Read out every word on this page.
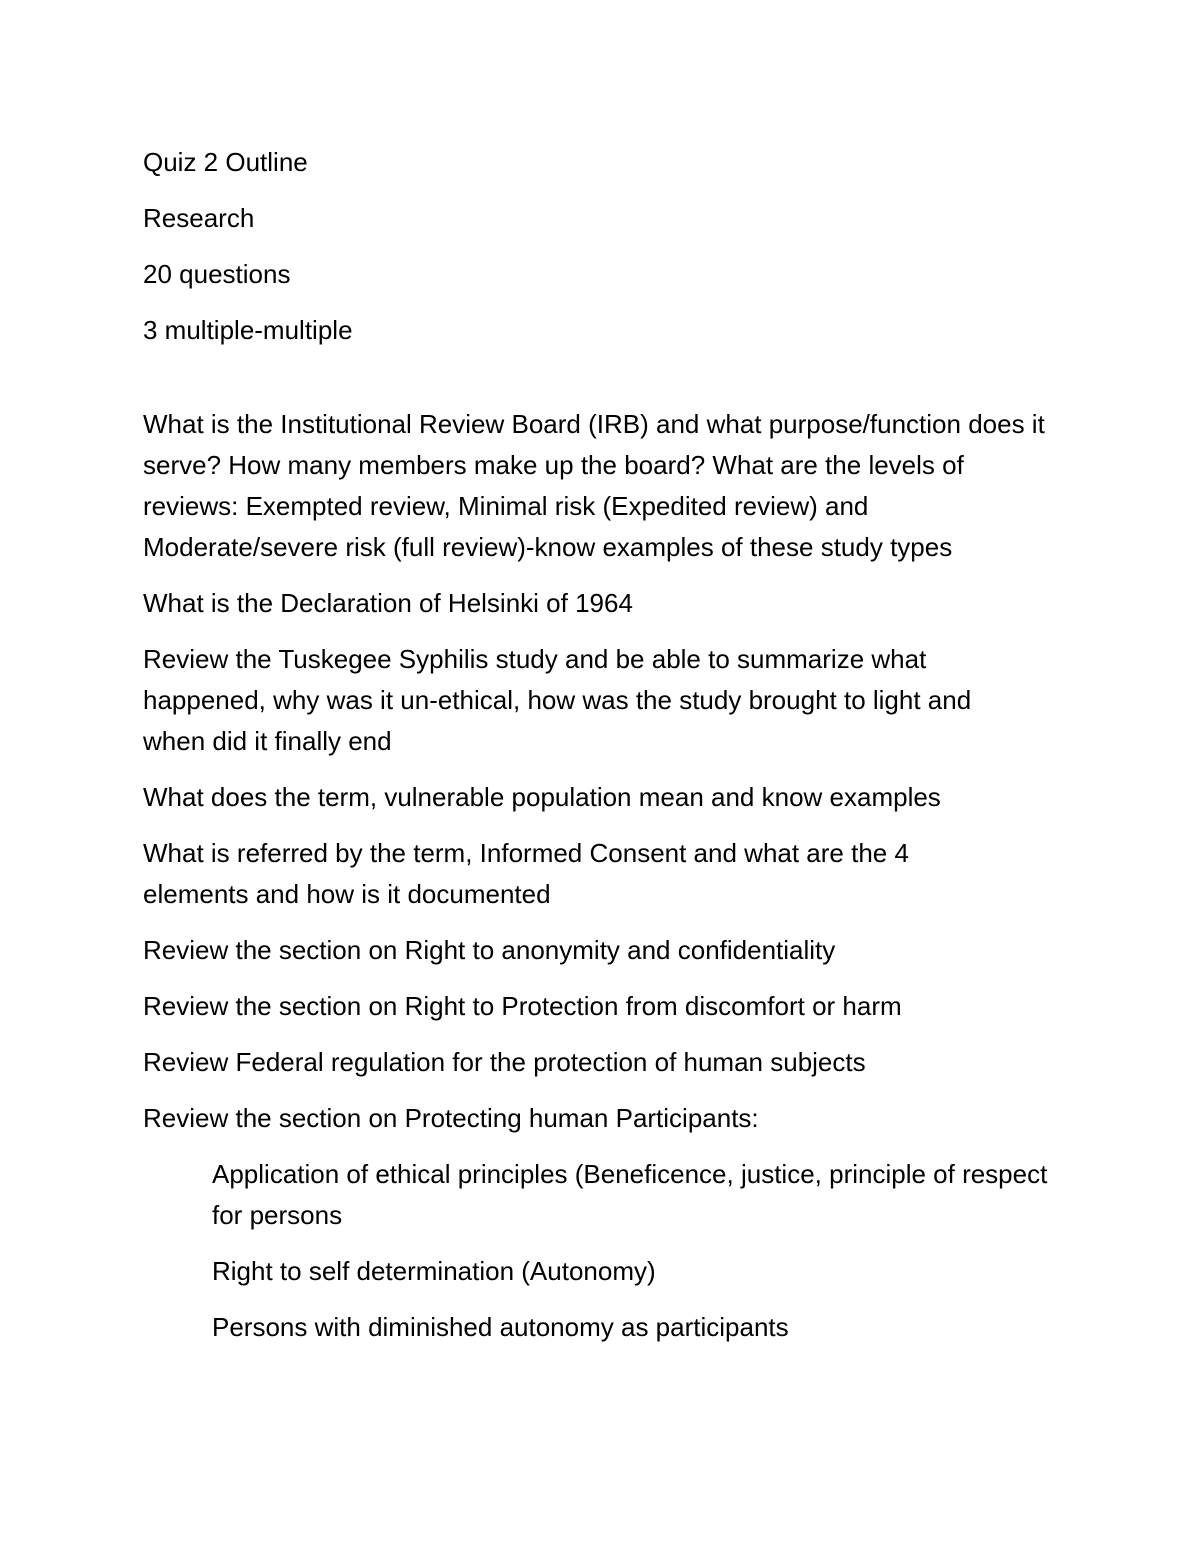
Quiz 2 Outline
Research
20 questions
3 multiple-multiple

What is the Institutional Review Board (IRB) and what purpose/function does it serve? How many members make up the board? What are the levels of reviews: Exempted review, Minimal risk (Expedited review) and Moderate/severe risk (full review)-know examples of these study types

What is the Declaration of Helsinki of 1964

Review the Tuskegee Syphilis study and be able to summarize what happened, why was it un-ethical, how was the study brought to light and when did it finally end

What does the term, vulnerable population mean and know examples

What is referred by the term, Informed Consent and what are the 4 elements and how is it documented

Review the section on Right to anonymity and confidentiality

Review the section on Right to Protection from discomfort or harm

Review Federal regulation for the protection of human subjects

Review the section on Protecting human Participants:

Application of ethical principles (Beneficence, justice, principle of respect for persons

Right to self determination (Autonomy)

Persons with diminished autonomy as participants
